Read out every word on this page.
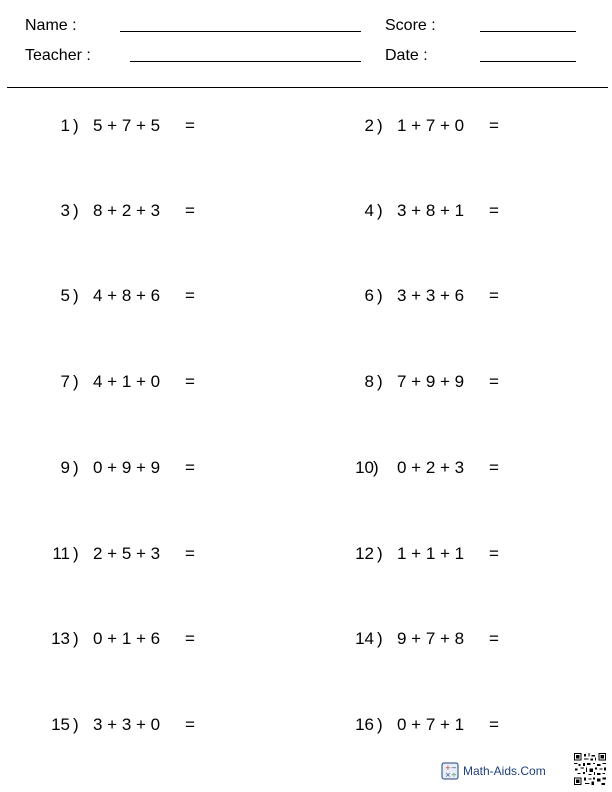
Name :
Teacher :
Score :
Date :
1 ) 5 + 7 + 5 =
3 ) 8 + 2 + 3 =
5 ) 4 + 8 + 6 =
7 ) 4 + 1 + 0 =
9 ) 0 + 9 + 9 =
11 ) 2 + 5 + 3 =
13 ) 0 + 1 + 6 =
15 ) 3 + 3 + 0 =
2 ) 1 + 7 + 0 =
4 ) 3 + 8 + 1 =
6 ) 3 + 3 + 6 =
8 ) 7 + 9 + 9 =
10 ) 0 + 2 + 3 =
12 ) 1 + 1 + 1 =
14 ) 9 + 7 + 8 =
16 ) 0 + 7 + 1 =
+ −
× ÷ Math-Aids.Com
